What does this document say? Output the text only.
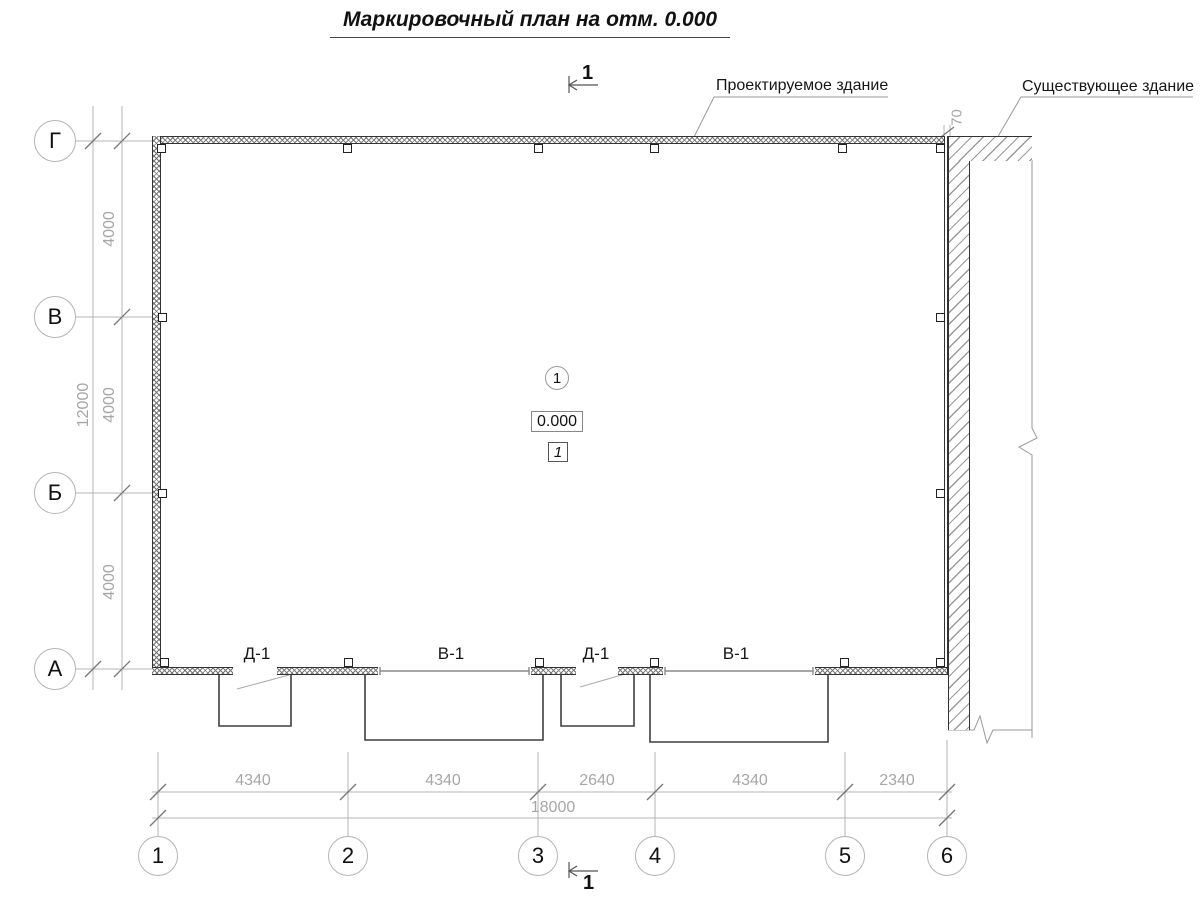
Маркировочный план на отм. 0.000
Г
В
Б
А
1	2	3	4	5	6
12000
4000
4000
4000
70
4340	4340	2640	4340	2340
18000
Д-1	В-1	Д-1	В-1
Проектируемое здание	Существующее здание
1
1
1
0.000
1
